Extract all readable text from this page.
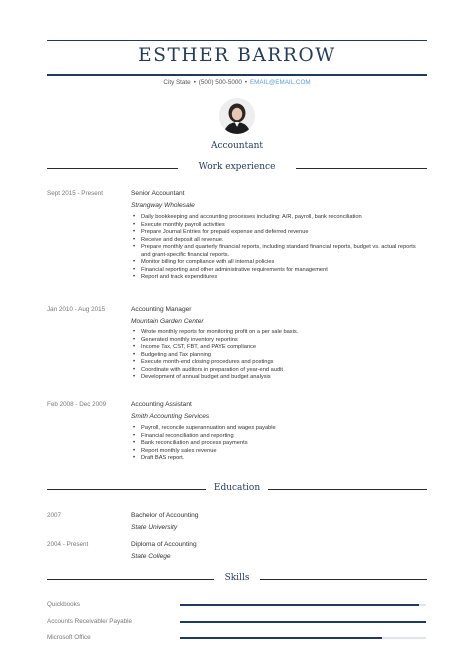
ESTHER BARROW
City State • (500) 500-5000 • EMAIL@EMAIL.COM
Accountant
Work experience
Sept 2015 - Present	Senior Accountant
Strangway Wholesale
• Daily bookkeeping and accounting processes including: A/R, payroll, bank reconciliation
• Execute monthly payroll activities
• Prepare Journal Entries for prepaid expense and deferred revenue
• Receive and deposit all revenue.
• Prepare monthly and quarterly financial reports, including standard financial reports, budget vs. actual reports and grant-specific financial reports.
• Monitor billing for compliance with all internal policies
• Financial reporting and other administrative requirements for management
• Report and track expenditures
Jan 2010 - Aug 2015	Accounting Manager
Mountain Garden Center
• Wrote monthly reports for monitoring profit on a per sale basis.
• Generated monthly inventory reportins
• Income Tax, CST, FBT, and PAYE compliance
• Budgeting and Tax planning
• Execute month-end closing procedures and postings
• Coordinate with auditors in preparation of year-end audit
• Development of annual budget and budget analysis
Feb 2008 - Dec 2009	Accounting Assistant
Smith Accounting Services
• Payroll, reconcile superannuation and wages payable
• Financial reconciliation and reporting
• Bank reconciliation and process payments
• Report monthly sales revenue
• Draft BAS report.
Education
2007	Bachelor of Accounting
State University
2004 - Present	Diploma of Accounting
State College
Skills
Quickbooks
Accounts Receivable/ Payable
Microsoft Office
